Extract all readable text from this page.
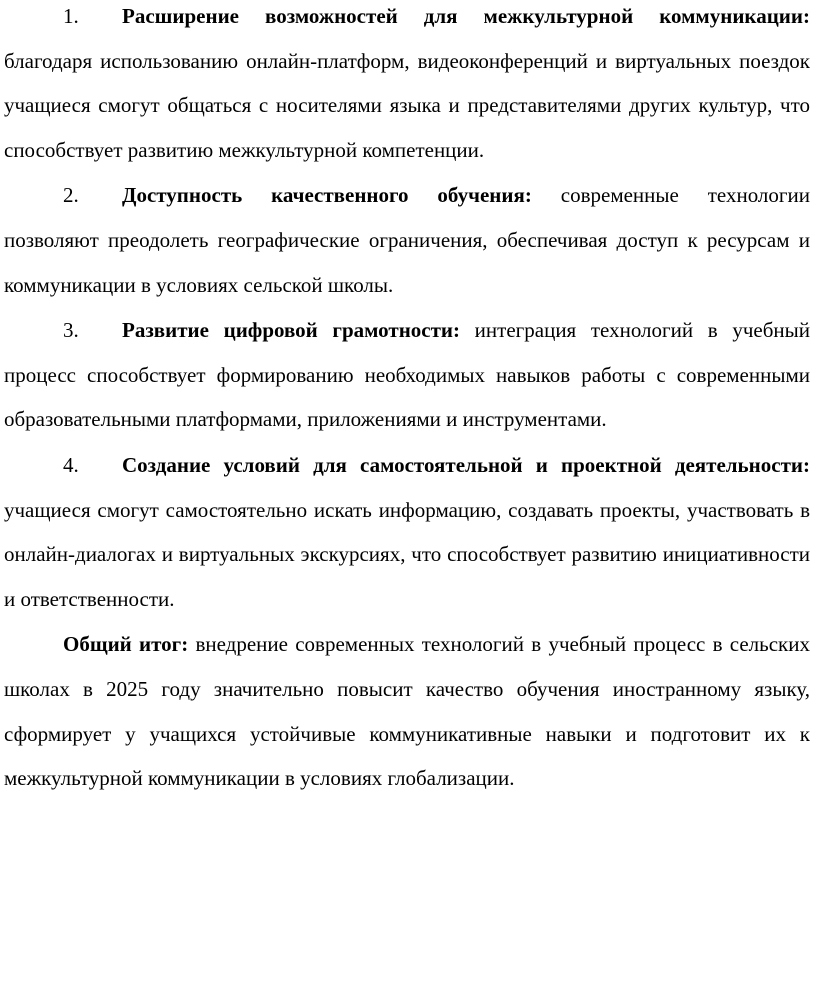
1. Расширение возможностей для межкультурной коммуникации: благодаря использованию онлайн-платформ, видеоконференций и виртуальных поездок учащиеся смогут общаться с носителями языка и представителями других культур, что способствует развитию межкультурной компетенции.

2. Доступность качественного обучения: современные технологии позволяют преодолеть географические ограничения, обеспечивая доступ к ресурсам и коммуникации в условиях сельской школы.

3. Развитие цифровой грамотности: интеграция технологий в учебный процесс способствует формированию необходимых навыков работы с современными образовательными платформами, приложениями и инструментами.

4. Создание условий для самостоятельной и проектной деятельности: учащиеся смогут самостоятельно искать информацию, создавать проекты, участвовать в онлайн-диалогах и виртуальных экскурсиях, что способствует развитию инициативности и ответственности.

Общий итог: внедрение современных технологий в учебный процесс в сельских школах в 2025 году значительно повысит качество обучения иностранному языку, сформирует у учащихся устойчивые коммуникативные навыки и подготовит их к межкультурной коммуникации в условиях глобализации.
